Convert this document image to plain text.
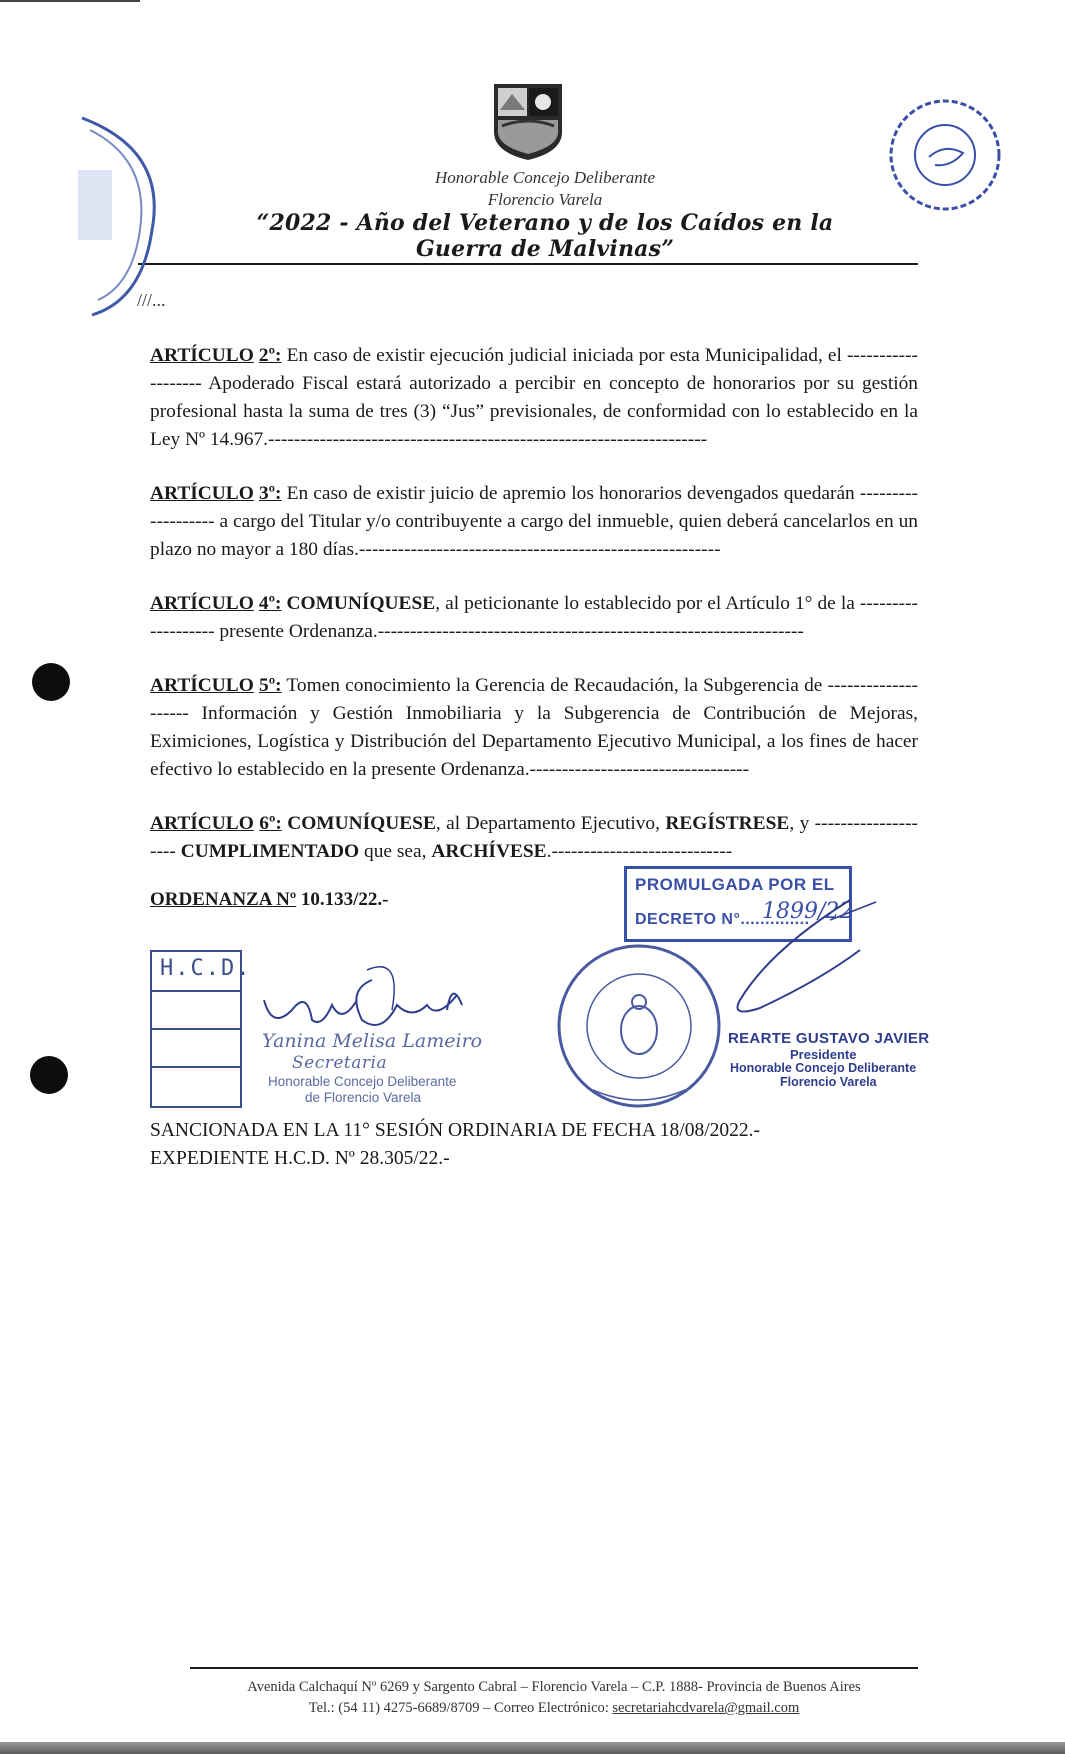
Honorable Concejo Deliberante
Florencio Varela
“2022 - Año del Veterano y de los Caídos en la Guerra de Malvinas”
///...

ARTÍCULO 2º: En caso de existir ejecución judicial iniciada por esta Municipalidad, el ------------------- Apoderado Fiscal estará autorizado a percibir en concepto de honorarios por su gestión profesional hasta la suma de tres (3) “Jus” previsionales, de conformidad con lo establecido en la Ley Nº 14.967.--------------------------------------------------------------------

ARTÍCULO 3º: En caso de existir juicio de apremio los honorarios devengados quedarán ------------------- a cargo del Titular y/o contribuyente a cargo del inmueble, quien deberá cancelarlos en un plazo no mayor a 180 días.--------------------------------------------------------

ARTÍCULO 4º: COMUNÍQUESE, al peticionante lo establecido por el Artículo 1° de la ------------------- presente Ordenanza.------------------------------------------------------------------

ARTÍCULO 5º: Tomen conocimiento la Gerencia de Recaudación, la Subgerencia de -------------------- Información y Gestión Inmobiliaria y la Subgerencia de Contribución de Mejoras, Eximiciones, Logística y Distribución del Departamento Ejecutivo Municipal, a los fines de hacer efectivo lo establecido en la presente Ordenanza.----------------------------------

ARTÍCULO 6º: COMUNÍQUESE, al Departamento Ejecutivo, REGÍSTRESE, y -------------------- CUMPLIMENTADO que sea, ARCHÍVESE.----------------------------

ORDENANZA Nº 10.133/22.-
PROMULGADA POR EL
DECRETO N°..............
1899/22
H.C.D.
Yanina Melisa Lameiro
Secretaria
Honorable Concejo Deliberante
de Florencio Varela
REARTE GUSTAVO JAVIER
Presidente
Honorable Concejo Deliberante
Florencio Varela
SANCIONADA EN LA 11° SESIÓN ORDINARIA DE FECHA 18/08/2022.-
EXPEDIENTE H.C.D. Nº 28.305/22.-
Avenida Calchaquí Nº 6269 y Sargento Cabral – Florencio Varela – C.P. 1888- Provincia de Buenos Aires
Tel.: (54 11) 4275-6689/8709 – Correo Electrónico: secretariahcdvarela@gmail.com
